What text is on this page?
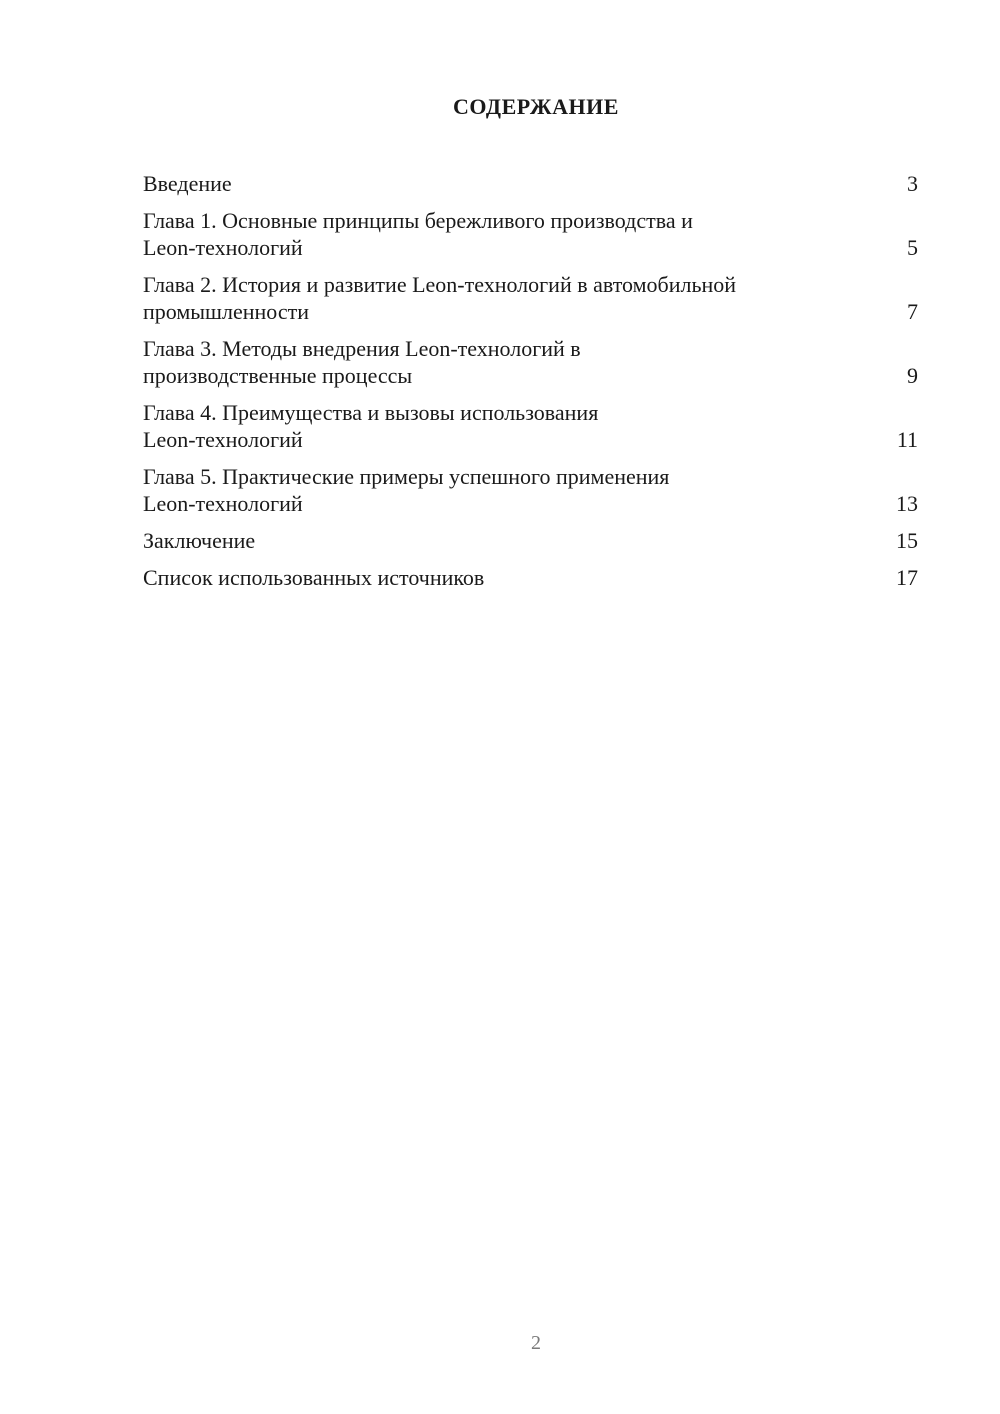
СОДЕРЖАНИЕ
Введение	3
Глава 1. Основные принципы бережливого производства и
Leon-технологий	5
Глава 2. История и развитие Leon-технологий в автомобильной
промышленности	7
Глава 3. Методы внедрения Leon-технологий в
производственные процессы	9
Глава 4. Преимущества и вызовы использования
Leon-технологий	11
Глава 5. Практические примеры успешного применения
Leon-технологий	13
Заключение	15
Список использованных источников	17
2
